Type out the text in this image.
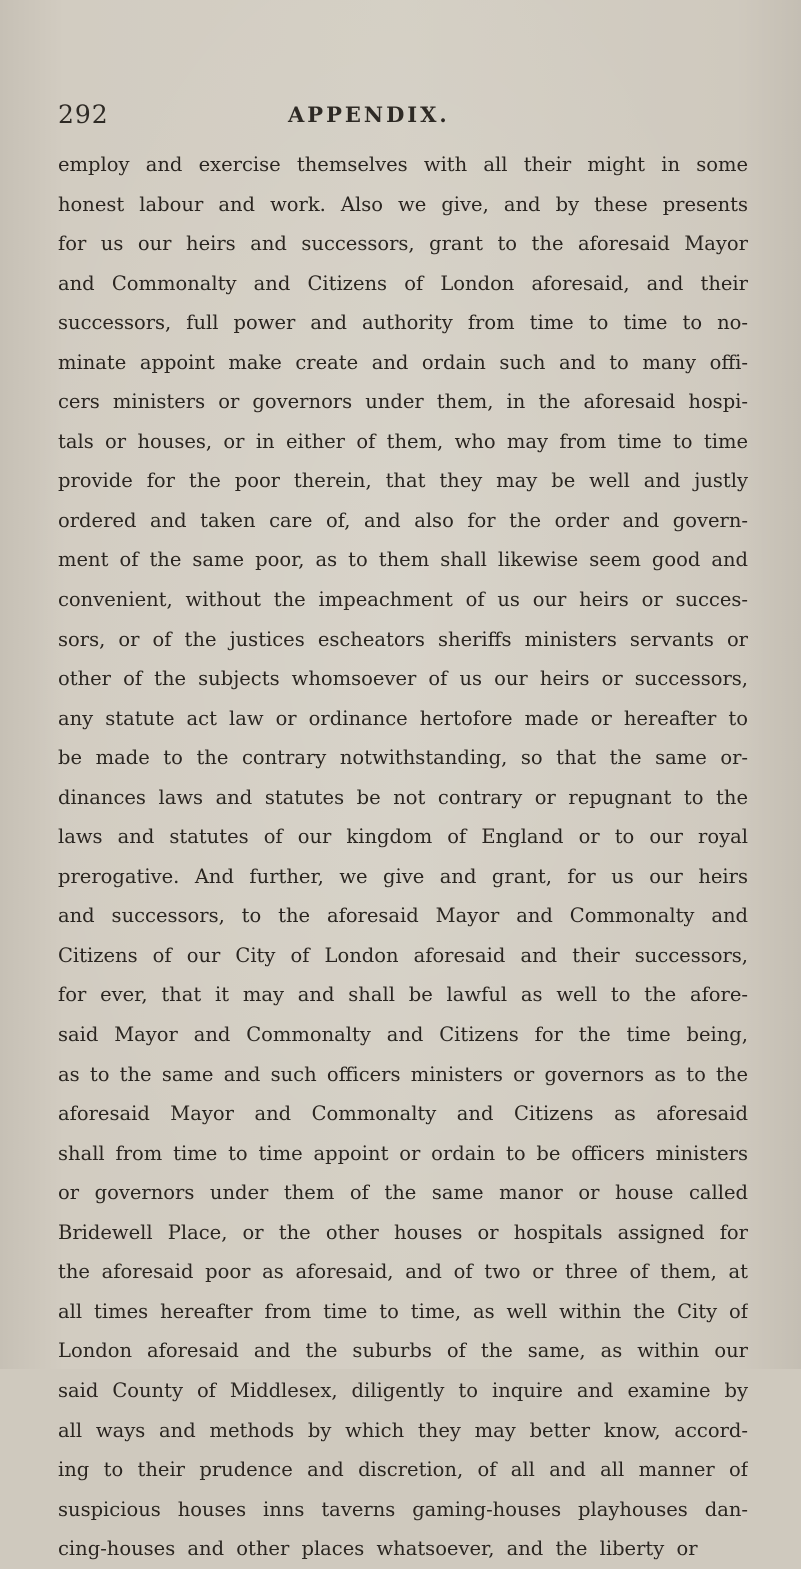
292	APPENDIX.
employ and exercise themselves with all their might in some
honest labour and work. Also we give, and by these presents
for us our heirs and successors, grant to the aforesaid Mayor
and Commonalty and Citizens of London aforesaid, and their
successors, full power and authority from time to time to no-
minate appoint make create and ordain such and to many offi-
cers ministers or governors under them, in the aforesaid hospi-
tals or houses, or in either of them, who may from time to time
provide for the poor therein, that they may be well and justly
ordered and taken care of, and also for the order and govern-
ment of the same poor, as to them shall likewise seem good and
convenient, without the impeachment of us our heirs or succes-
sors, or of the justices escheators sheriffs ministers servants or
other of the subjects whomsoever of us our heirs or successors,
any statute act law or ordinance hertofore made or hereafter to
be made to the contrary notwithstanding, so that the same or-
dinances laws and statutes be not contrary or repugnant to the
laws and statutes of our kingdom of England or to our royal
prerogative. And further, we give and grant, for us our heirs
and successors, to the aforesaid Mayor and Commonalty and
Citizens of our City of London aforesaid and their successors,
for ever, that it may and shall be lawful as well to the afore-
said Mayor and Commonalty and Citizens for the time being,
as to the same and such officers ministers or governors as to the
aforesaid Mayor and Commonalty and Citizens as aforesaid
shall from time to time appoint or ordain to be officers ministers
or governors under them of the same manor or house called
Bridewell Place, or the other houses or hospitals assigned for
the aforesaid poor as aforesaid, and of two or three of them, at
all times hereafter from time to time, as well within the City of
London aforesaid and the suburbs of the same, as within our
said County of Middlesex, diligently to inquire and examine by
all ways and methods by which they may better know, accord-
ing to their prudence and discretion, of all and all manner of
suspicious houses inns taverns gaming-houses playhouses dan-
cing-houses and other places whatsoever, and the liberty or
